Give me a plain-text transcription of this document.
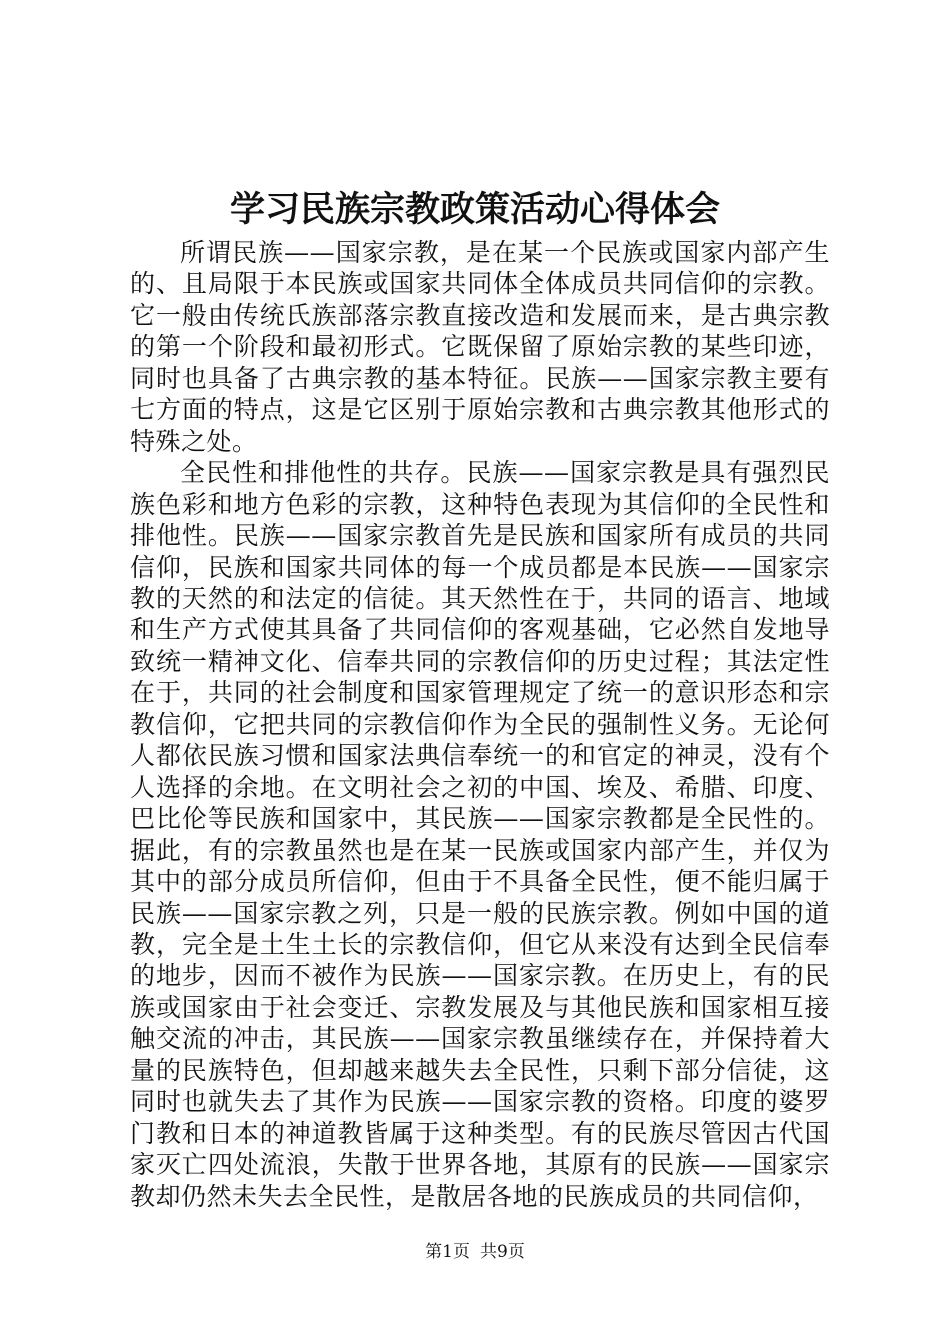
学习民族宗教政策活动心得体会

所谓民族——国家宗教，是在某一个民族或国家内部产生的、且局限于本民族或国家共同体全体成员共同信仰的宗教。它一般由传统氏族部落宗教直接改造和发展而来，是古典宗教的第一个阶段和最初形式。它既保留了原始宗教的某些印迹，同时也具备了古典宗教的基本特征。民族——国家宗教主要有七方面的特点，这是它区别于原始宗教和古典宗教其他形式的特殊之处。

全民性和排他性的共存。民族——国家宗教是具有强烈民族色彩和地方色彩的宗教，这种特色表现为其信仰的全民性和排他性。民族——国家宗教首先是民族和国家所有成员的共同信仰，民族和国家共同体的每一个成员都是本民族——国家宗教的天然的和法定的信徒。其天然性在于，共同的语言、地域和生产方式使其具备了共同信仰的客观基础，它必然自发地导致统一精神文化、信奉共同的宗教信仰的历史过程；其法定性在于，共同的社会制度和国家管理规定了统一的意识形态和宗教信仰，它把共同的宗教信仰作为全民的强制性义务。无论何人都依民族习惯和国家法典信奉统一的和官定的神灵，没有个人选择的余地。在文明社会之初的中国、埃及、希腊、印度、巴比伦等民族和国家中，其民族——国家宗教都是全民性的。据此，有的宗教虽然也是在某一民族或国家内部产生，并仅为其中的部分成员所信仰，但由于不具备全民性，便不能归属于民族——国家宗教之列，只是一般的民族宗教。例如中国的道教，完全是土生土长的宗教信仰，但它从来没有达到全民信奉的地步，因而不被作为民族——国家宗教。在历史上，有的民族或国家由于社会变迁、宗教发展及与其他民族和国家相互接触交流的冲击，其民族——国家宗教虽继续存在，并保持着大量的民族特色，但却越来越失去全民性，只剩下部分信徒，这同时也就失去了其作为民族——国家宗教的资格。印度的婆罗门教和日本的神道教皆属于这种类型。有的民族尽管因古代国家灭亡四处流浪，失散于世界各地，其原有的民族——国家宗教却仍然未失去全民性，是散居各地的民族成员的共同信仰，

第1页 共9页
